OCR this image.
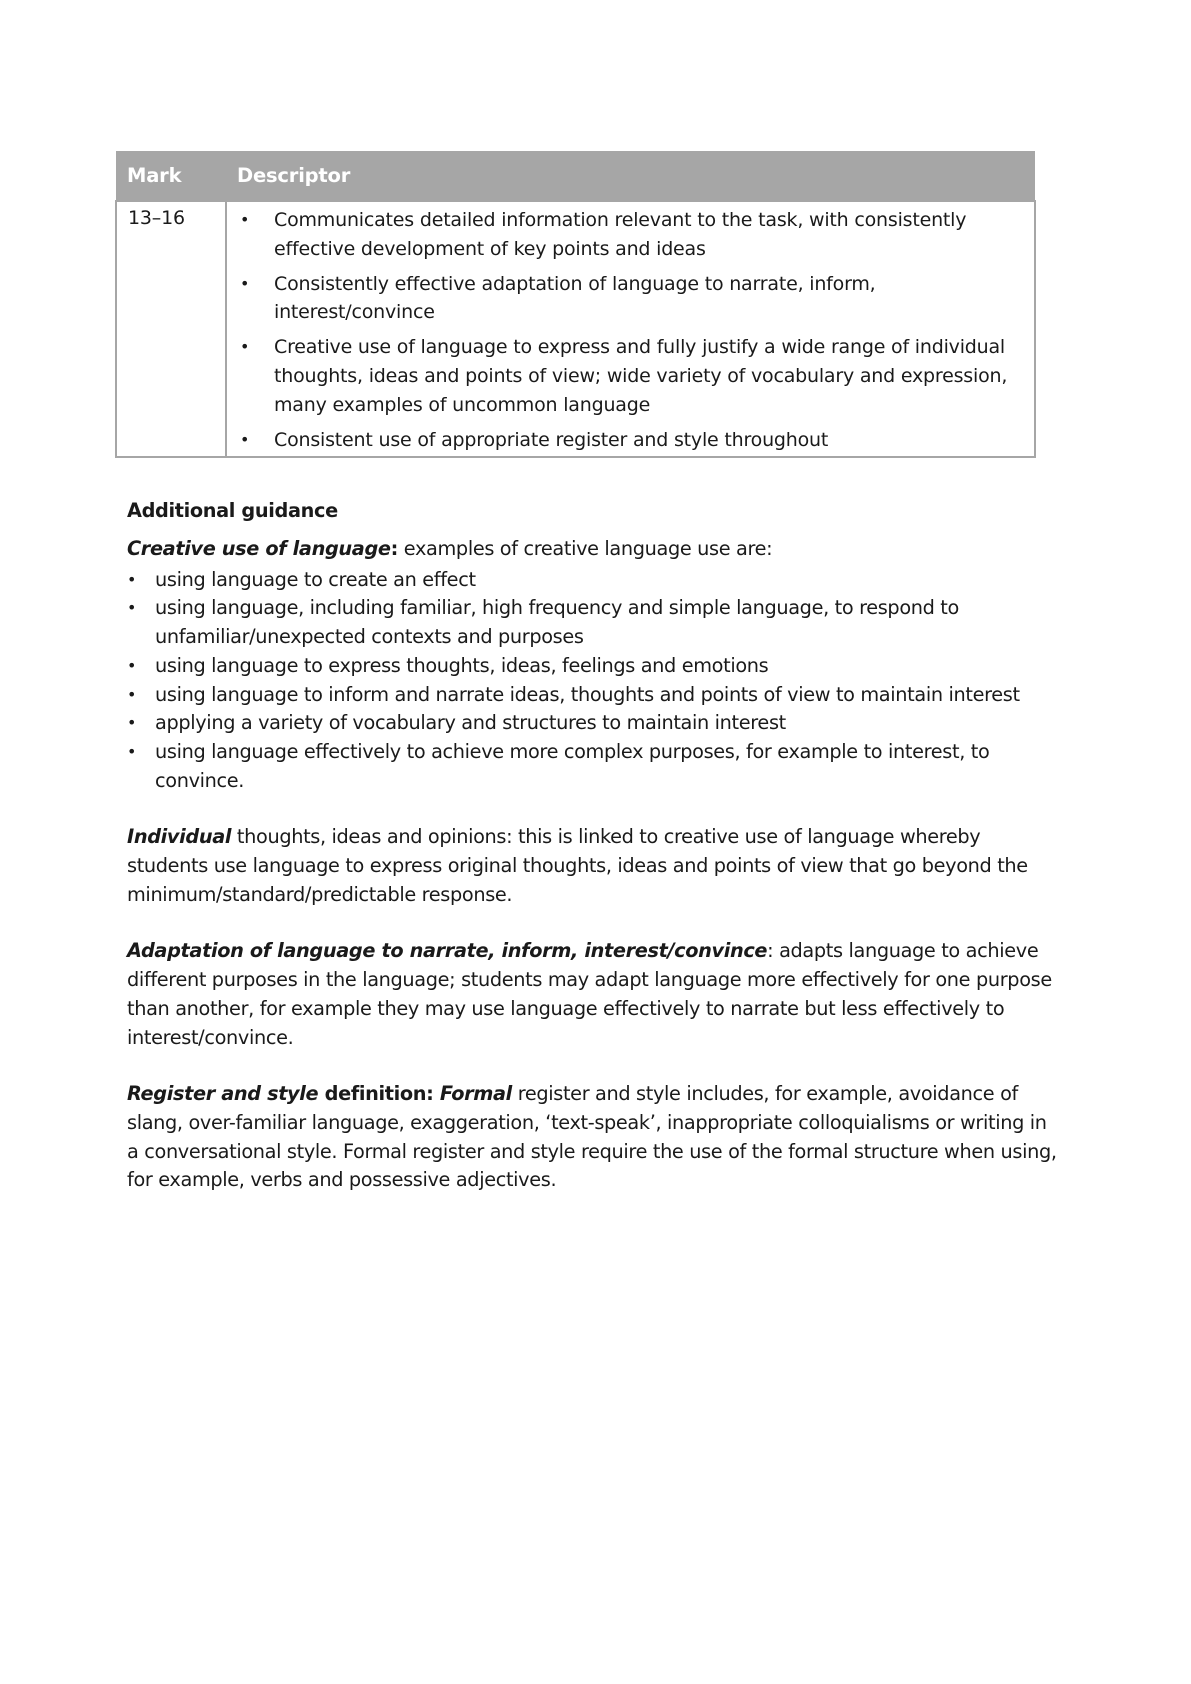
Mark	Descriptor
13–16	• Communicates detailed information relevant to the task, with consistently effective development of key points and ideas
• Consistently effective adaptation of language to narrate, inform, interest/convince
• Creative use of language to express and fully justify a wide range of individual thoughts, ideas and points of view; wide variety of vocabulary and expression, many examples of uncommon language
• Consistent use of appropriate register and style throughout
Additional guidance

Creative use of language: examples of creative language use are:

• using language to create an effect
• using language, including familiar, high frequency and simple language, to respond to unfamiliar/unexpected contexts and purposes
• using language to express thoughts, ideas, feelings and emotions
• using language to inform and narrate ideas, thoughts and points of view to maintain interest
• applying a variety of vocabulary and structures to maintain interest
• using language effectively to achieve more complex purposes, for example to interest, to convince.

Individual thoughts, ideas and opinions: this is linked to creative use of language whereby students use language to express original thoughts, ideas and points of view that go beyond the minimum/standard/predictable response.

Adaptation of language to narrate, inform, interest/convince: adapts language to achieve different purposes in the language; students may adapt language more effectively for one purpose than another, for example they may use language effectively to narrate but less effectively to interest/convince.

Register and style definition: Formal register and style includes, for example, avoidance of slang, over-familiar language, exaggeration, ‘text-speak’, inappropriate colloquialisms or writing in a conversational style. Formal register and style require the use of the formal structure when using, for example, verbs and possessive adjectives.
